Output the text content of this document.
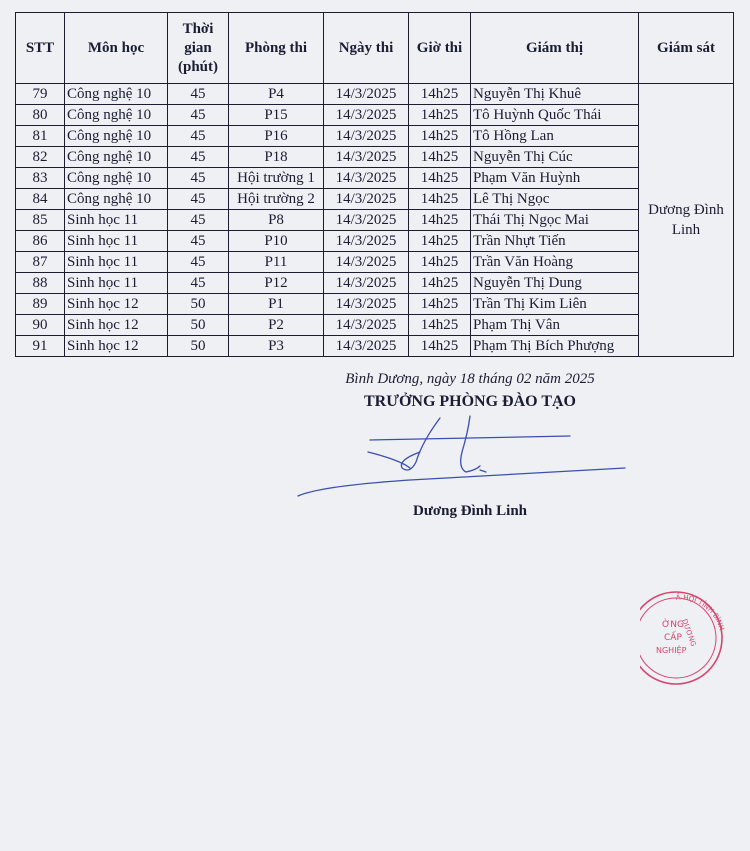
STT	Môn học	Thời
gian
(phút)	Phòng thi	Ngày thi	Giờ thi	Giám thị	Giám sát
79	Công nghệ 10	45	P4	14/3/2025	14h25	Nguyễn Thị Khuê	Dương Đình
Linh
80	Công nghệ 10	45	P15	14/3/2025	14h25	Tô Huỳnh Quốc Thái	
81	Công nghệ 10	45	P16	14/3/2025	14h25	Tô Hồng Lan	
82	Công nghệ 10	45	P18	14/3/2025	14h25	Nguyễn Thị Cúc	
83	Công nghệ 10	45	Hội trường 1	14/3/2025	14h25	Phạm Văn Huỳnh	
84	Công nghệ 10	45	Hội trường 2	14/3/2025	14h25	Lê Thị Ngọc	
85	Sinh học 11	45	P8	14/3/2025	14h25	Thái Thị Ngọc Mai	
86	Sinh học 11	45	P10	14/3/2025	14h25	Trần Nhựt Tiến	
87	Sinh học 11	45	P11	14/3/2025	14h25	Trần Văn Hoàng	
88	Sinh học 11	45	P12	14/3/2025	14h25	Nguyễn Thị Dung	
89	Sinh học 12	50	P1	14/3/2025	14h25	Trần Thị Kim Liên	
90	Sinh học 12	50	P2	14/3/2025	14h25	Phạm Thị Vân	
91	Sinh học 12	50	P3	14/3/2025	14h25	Phạm Thị Bích Phượng	
Bình Dương, ngày 18 tháng 02 năm 2025
TRƯỞNG PHÒNG ĐÀO TẠO
Dương Đình Linh
Ã HỘI TỈNH BÌNH
DƯƠNG
ỜNG
CẤP
NGHIỆP
